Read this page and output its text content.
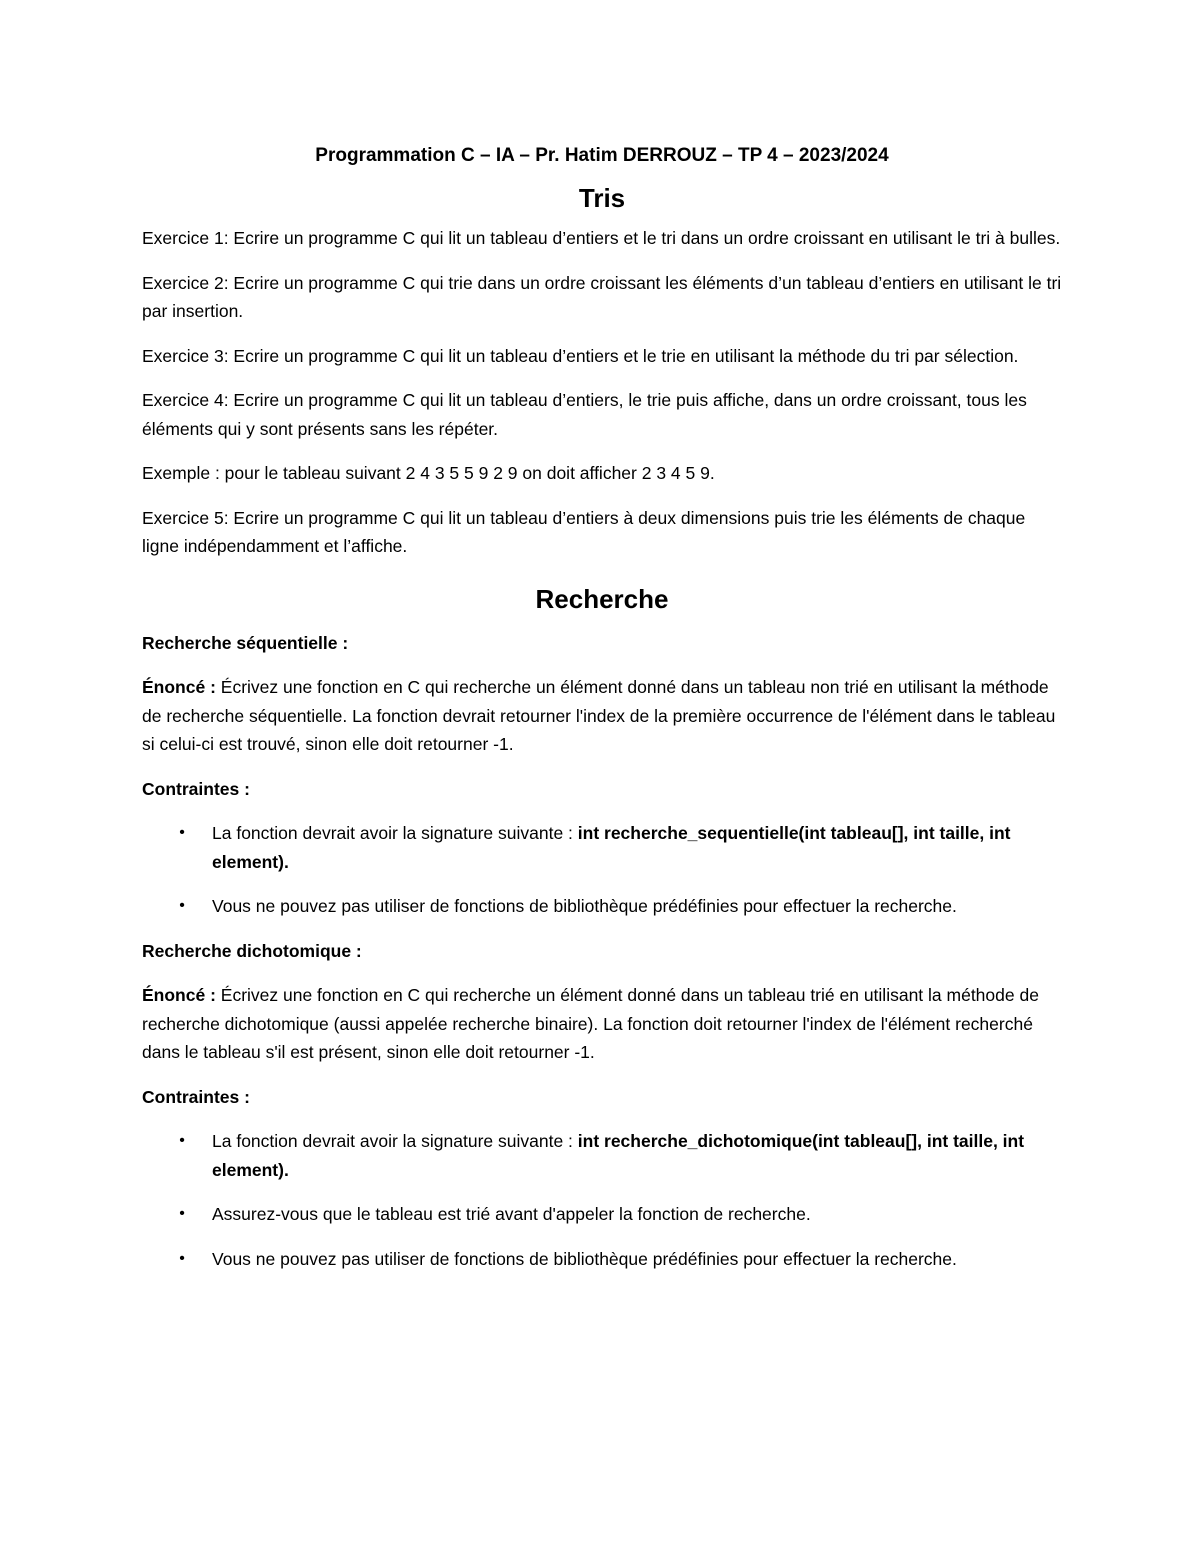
Programmation C – IA – Pr. Hatim DERROUZ – TP 4 – 2023/2024
Tris

Exercice 1: Ecrire un programme C qui lit un tableau d’entiers et le tri dans un ordre croissant en utilisant le tri à bulles.

Exercice 2: Ecrire un programme C qui trie dans un ordre croissant les éléments d’un tableau d’entiers en utilisant le tri par insertion.

Exercice 3: Ecrire un programme C qui lit un tableau d’entiers et le trie en utilisant la méthode du tri par sélection.

Exercice 4: Ecrire un programme C qui lit un tableau d’entiers, le trie puis affiche, dans un ordre croissant, tous les éléments qui y sont présents sans les répéter.

Exemple : pour le tableau suivant 2 4 3 5 5 9 2 9 on doit afficher 2 3 4 5 9.

Exercice 5: Ecrire un programme C qui lit un tableau d’entiers à deux dimensions puis trie les éléments de chaque ligne indépendamment et l’affiche.

Recherche
Recherche séquentielle :

Énoncé : Écrivez une fonction en C qui recherche un élément donné dans un tableau non trié en utilisant la méthode de recherche séquentielle. La fonction devrait retourner l'index de la première occurrence de l'élément dans le tableau si celui-ci est trouvé, sinon elle doit retourner -1.

Contraintes :
• La fonction devrait avoir la signature suivante : int recherche_sequentielle(int tableau[], int taille, int element).
• Vous ne pouvez pas utiliser de fonctions de bibliothèque prédéfinies pour effectuer la recherche.
Recherche dichotomique :

Énoncé : Écrivez une fonction en C qui recherche un élément donné dans un tableau trié en utilisant la méthode de recherche dichotomique (aussi appelée recherche binaire). La fonction doit retourner l'index de l'élément recherché dans le tableau s'il est présent, sinon elle doit retourner -1.

Contraintes :
• La fonction devrait avoir la signature suivante : int recherche_dichotomique(int tableau[], int taille, int element).
• Assurez-vous que le tableau est trié avant d'appeler la fonction de recherche.
• Vous ne pouvez pas utiliser de fonctions de bibliothèque prédéfinies pour effectuer la recherche.
